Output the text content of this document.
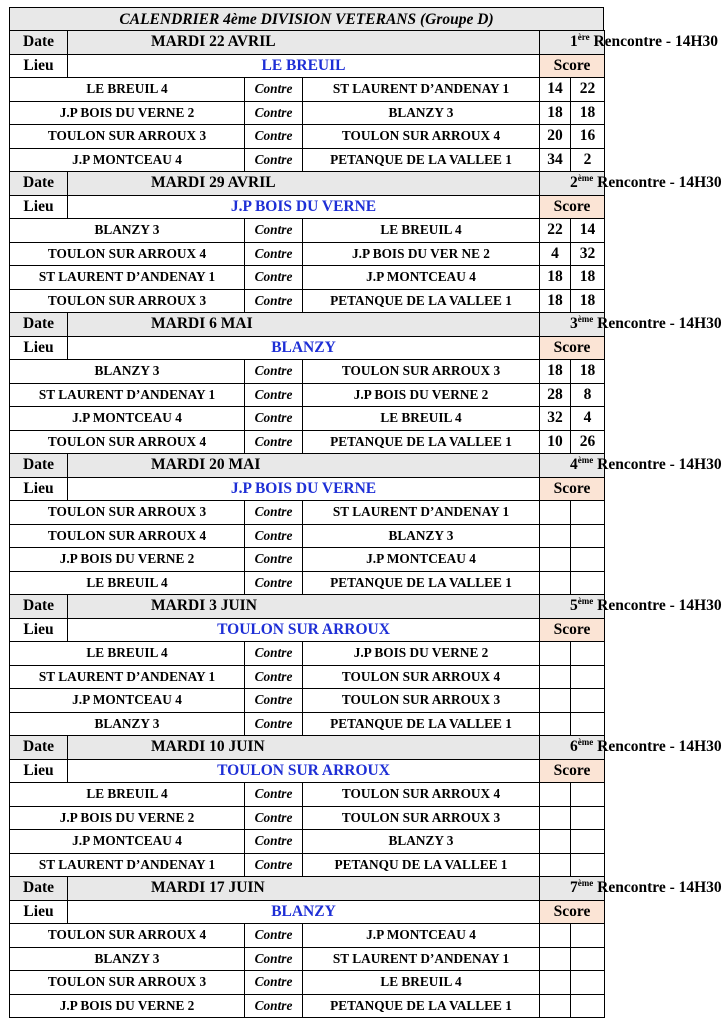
CALENDRIER 4ème DIVISION VETERANS (Groupe D)
Date	MARDI 22 AVRIL			1ère Rencontre - 14H30	
Lieu	LE BREUIL			Score	
LE BREUIL 4		Contre	ST LAURENT D’ANDENAY 1	14	22
J.P BOIS DU VERNE 2		Contre	BLANZY 3	18	18
TOULON SUR ARROUX 3		Contre	TOULON SUR ARROUX 4	20	16
J.P MONTCEAU 4		Contre	PETANQUE DE LA VALLEE 1	34	2
Date	MARDI 29 AVRIL			2ème Rencontre - 14H30	
Lieu	J.P BOIS DU VERNE			Score	
BLANZY 3		Contre	LE BREUIL 4	22	14
TOULON SUR ARROUX 4		Contre	J.P BOIS DU VER NE 2	4	32
ST LAURENT D’ANDENAY 1		Contre	J.P MONTCEAU 4	18	18
TOULON SUR ARROUX 3		Contre	PETANQUE DE LA VALLEE 1	18	18
Date	MARDI 6 MAI			3ème Rencontre - 14H30	
Lieu	BLANZY			Score	
BLANZY 3		Contre	TOULON SUR ARROUX 3	18	18
ST LAURENT D’ANDENAY 1		Contre	J.P BOIS DU VERNE 2	28	8
J.P MONTCEAU 4		Contre	LE BREUIL 4	32	4
TOULON SUR ARROUX 4		Contre	PETANQUE DE LA VALLEE 1	10	26
Date	MARDI 20 MAI			4ème Rencontre - 14H30	
Lieu	J.P BOIS DU VERNE			Score	
TOULON SUR ARROUX 3		Contre	ST LAURENT D’ANDENAY 1		
TOULON SUR ARROUX 4		Contre	BLANZY 3		
J.P BOIS DU VERNE 2		Contre	J.P MONTCEAU 4		
LE BREUIL 4		Contre	PETANQUE DE LA VALLEE 1		
Date	MARDI 3 JUIN			5ème Rencontre - 14H30	
Lieu	TOULON SUR ARROUX			Score	
LE BREUIL 4		Contre	J.P BOIS DU VERNE 2		
ST LAURENT D’ANDENAY 1		Contre	TOULON SUR ARROUX 4		
J.P MONTCEAU 4		Contre	TOULON SUR ARROUX 3		
BLANZY 3		Contre	PETANQUE DE LA VALLEE 1		
Date	MARDI 10 JUIN			6ème Rencontre - 14H30	
Lieu	TOULON SUR ARROUX			Score	
LE BREUIL 4		Contre	TOULON SUR ARROUX 4		
J.P BOIS DU VERNE 2		Contre	TOULON SUR ARROUX 3		
J.P MONTCEAU 4		Contre	BLANZY 3		
ST LAURENT D’ANDENAY 1		Contre	PETANQU DE LA VALLEE 1		
Date	MARDI 17 JUIN			7ème Rencontre - 14H30	
Lieu	BLANZY			Score	
TOULON SUR ARROUX 4		Contre	J.P MONTCEAU 4		
BLANZY 3		Contre	ST LAURENT D’ANDENAY 1		
TOULON SUR ARROUX 3		Contre	LE BREUIL 4		
J.P BOIS DU VERNE 2		Contre	PETANQUE DE LA VALLEE 1		
